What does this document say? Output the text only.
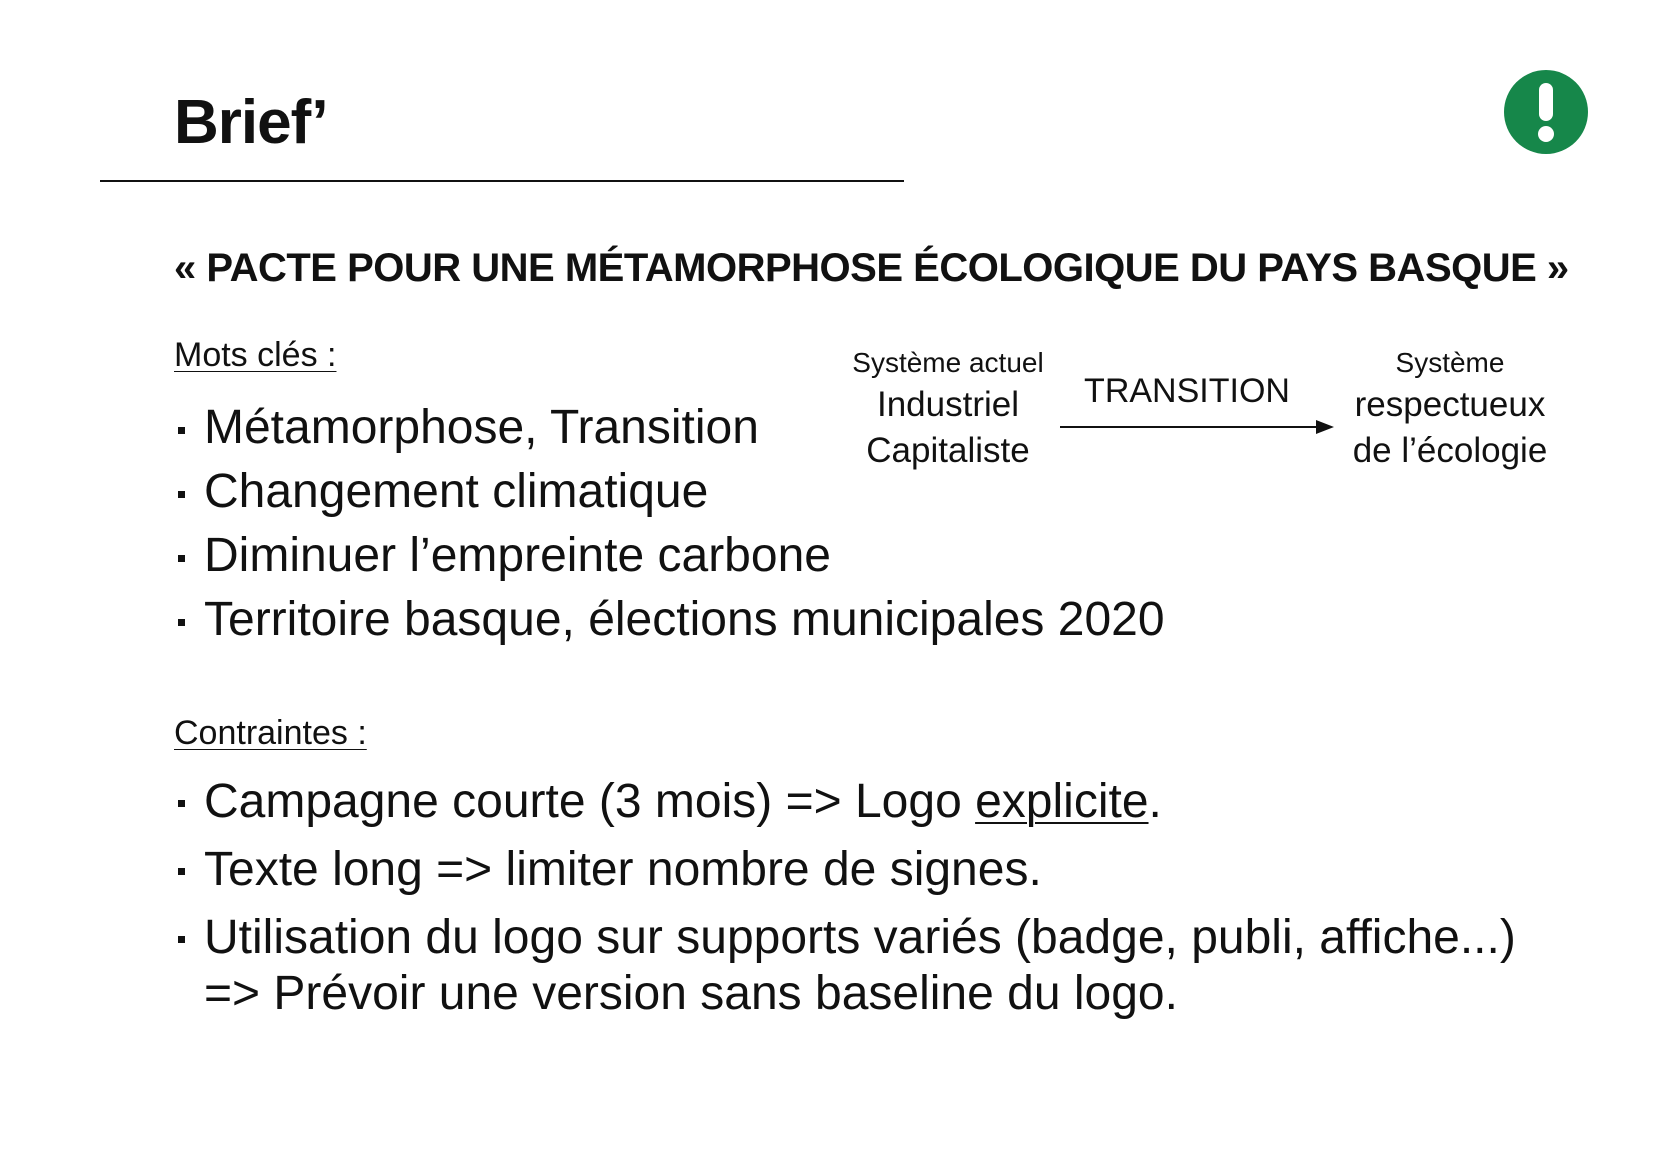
Brief’
« PACTE POUR UNE MÉTAMORPHOSE ÉCOLOGIQUE DU PAYS BASQUE »
Mots clés :
Métamorphose, Transition
Changement climatique
Diminuer l’empreinte carbone
Territoire basque, élections municipales 2020
Système actuel
Industriel
Capitaliste
TRANSITION
Système
respectueux
de l’écologie
Contraintes :
Campagne courte (3 mois) => Logo explicite.
Texte long => limiter nombre de signes.
Utilisation du logo sur supports variés (badge, publi, affiche...)
=> Prévoir une version sans baseline du logo.
